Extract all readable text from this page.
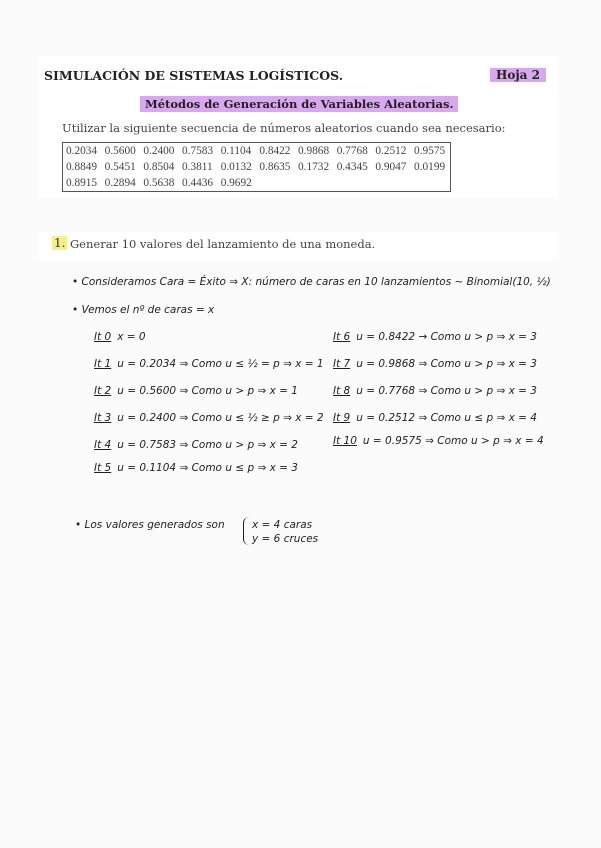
SIMULACIÓN DE SISTEMAS LOGÍSTICOS.	Hoja 2
Métodos de Generación de Variables Aleatorias.
Utilizar la siguiente secuencia de números aleatorios cuando sea necesario:
0.2034	0.5600	0.2400	0.7583	0.1104	0.8422	0.9868	0.7768	0.2512	0.9575
0.8849	0.5451	0.8504	0.3811	0.0132	0.8635	0.1732	0.4345	0.9047	0.0199
0.8915	0.2894	0.5638	0.4436	0.9692					
1. Generar 10 valores del lanzamiento de una moneda.
• Consideramos Cara = Éxito ⇒ X: número de caras en 10 lanzamientos ~ Binomial(10, ½)
• Vemos el nº de caras = x
It 0 x = 0
It 1 u = 0.2034 ⇒ Como u ≤ ½ = p ⇒ x = 1
It 2 u = 0.5600 ⇒ Como u > p ⇒ x = 1
It 3 u = 0.2400 ⇒ Como u ≤ ½ ≥ p ⇒ x = 2
It 4 u = 0.7583 ⇒ Como u > p ⇒ x = 2
It 5 u = 0.1104 ⇒ Como u ≤ p ⇒ x = 3
It 6 u = 0.8422 → Como u > p ⇒ x = 3
It 7 u = 0.9868 ⇒ Como u > p ⇒ x = 3
It 8 u = 0.7768 ⇒ Como u > p ⇒ x = 3
It 9 u = 0.2512 ⇒ Como u ≤ p ⇒ x = 4
It 10 u = 0.9575 ⇒ Como u > p ⇒ x = 4
• Los valores generados son	x = 4 caras
y = 6 cruces
